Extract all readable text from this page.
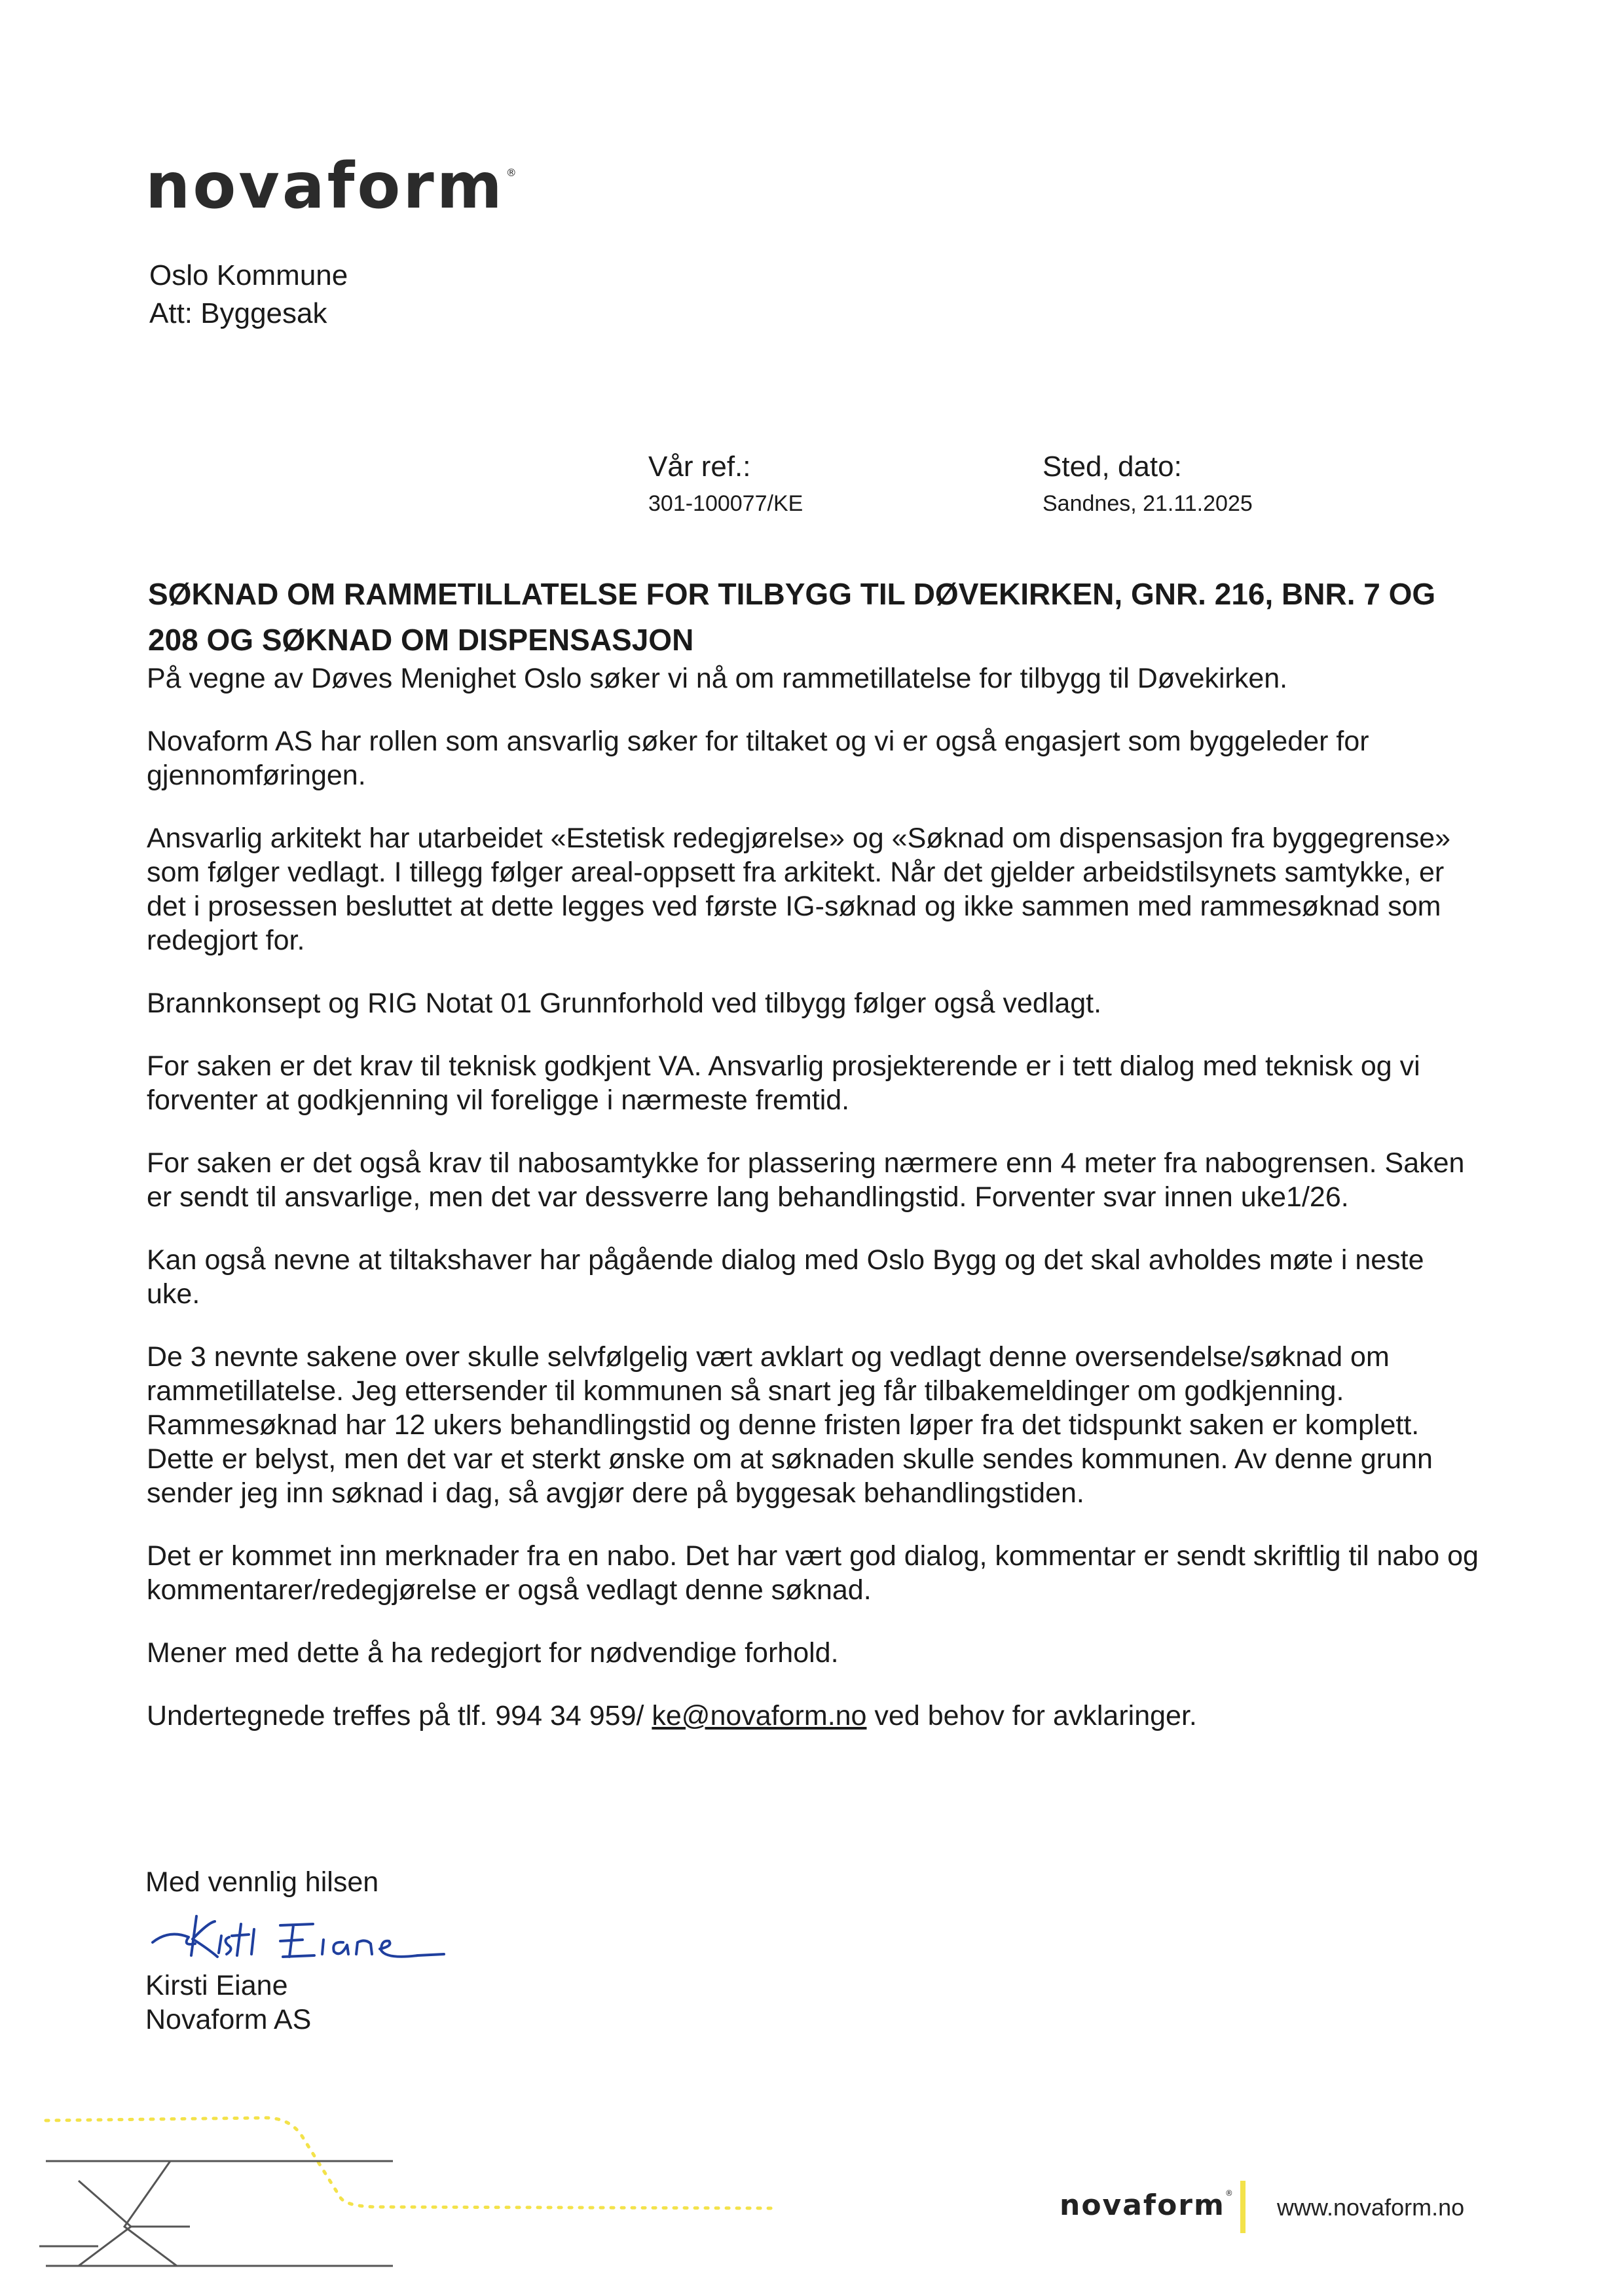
novaform ®
Oslo Kommune
Att: Byggesak
Vår ref.:
301-100077/KE
Sted, dato:
Sandnes, 21.11.2025
SØKNAD OM RAMMETILLATELSE FOR TILBYGG TIL DØVEKIRKEN, GNR. 216, BNR. 7 OG
208 OG SØKNAD OM DISPENSASJON

På vegne av Døves Menighet Oslo søker vi nå om rammetillatelse for tilbygg til Døvekirken.

Novaform AS har rollen som ansvarlig søker for tiltaket og vi er også engasjert som byggeleder for gjennomføringen.

Ansvarlig arkitekt har utarbeidet «Estetisk redegjørelse» og «Søknad om dispensasjon fra byggegrense» som følger vedlagt. I tillegg følger areal-oppsett fra arkitekt. Når det gjelder arbeidstilsynets samtykke, er det i prosessen besluttet at dette legges ved første IG-søknad og ikke sammen med rammesøknad som redegjort for.

Brannkonsept og RIG Notat 01 Grunnforhold ved tilbygg følger også vedlagt.

For saken er det krav til teknisk godkjent VA. Ansvarlig prosjekterende er i tett dialog med teknisk og vi forventer at godkjenning vil foreligge i nærmeste fremtid.

For saken er det også krav til nabosamtykke for plassering nærmere enn 4 meter fra nabogrensen. Saken er sendt til ansvarlige, men det var dessverre lang behandlingstid. Forventer svar innen uke1/26.

Kan også nevne at tiltakshaver har pågående dialog med Oslo Bygg og det skal avholdes møte i neste uke.

De 3 nevnte sakene over skulle selvfølgelig vært avklart og vedlagt denne oversendelse/søknad om rammetillatelse. Jeg ettersender til kommunen så snart jeg får tilbakemeldinger om godkjenning. Rammesøknad har 12 ukers behandlingstid og denne fristen løper fra det tidspunkt saken er komplett. Dette er belyst, men det var et sterkt ønske om at søknaden skulle sendes kommunen. Av denne grunn sender jeg inn søknad i dag, så avgjør dere på byggesak behandlingstiden.

Det er kommet inn merknader fra en nabo. Det har vært god dialog, kommentar er sendt skriftlig til nabo og kommentarer/redegjørelse er også vedlagt denne søknad.

Mener med dette å ha redegjort for nødvendige forhold.

Undertegnede treffes på tlf. 994 34 959/ ke@novaform.no ved behov for avklaringer.

Med vennlig hilsen
Kirsti Eiane
Novaform AS
novaform®
www.novaform.no
